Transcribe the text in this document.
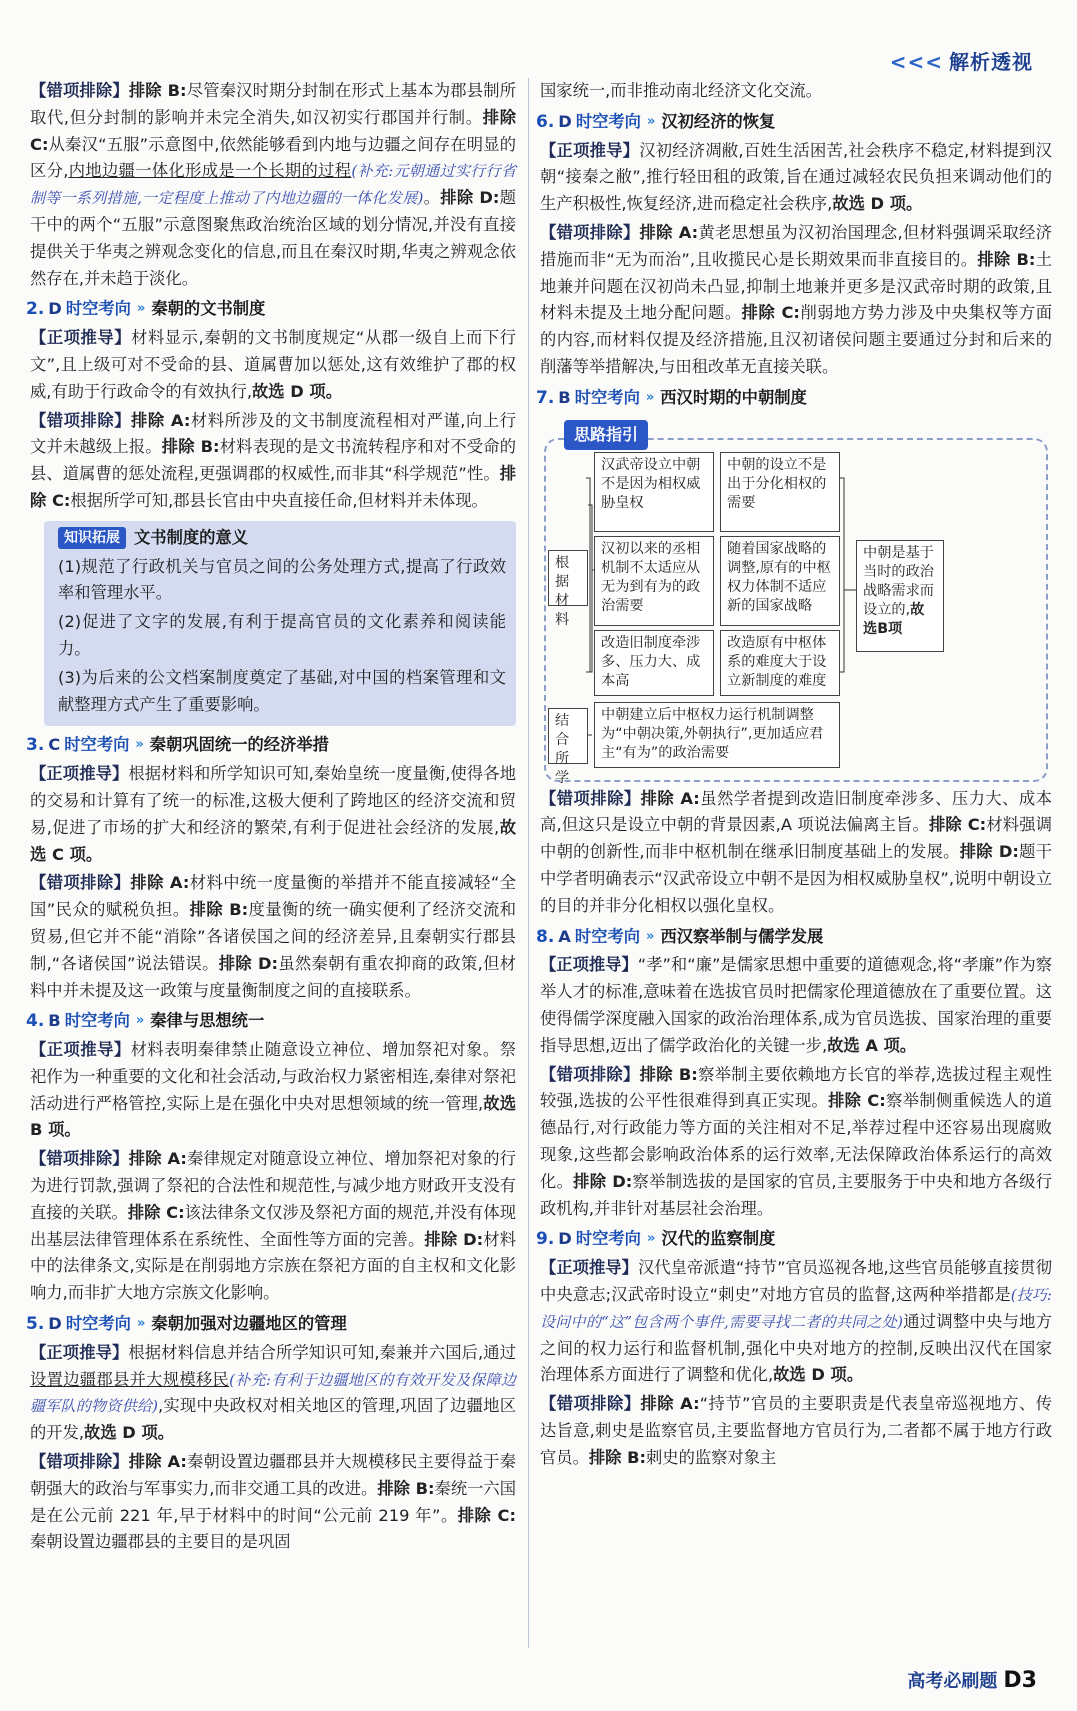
<<< 解析透视

【错项排除】排除 B:尽管秦汉时期分封制在形式上基本为郡县制所取代,但分封制的影响并未完全消失,如汉初实行郡国并行制。排除 C:从秦汉“五服”示意图中,依然能够看到内地与边疆之间存在明显的区分,内地边疆一体化形成是一个长期的过程(补充:元朝通过实行行省制等一系列措施,一定程度上推动了内地边疆的一体化发展)。排除 D:题干中的两个“五服”示意图聚焦政治统治区域的划分情况,并没有直接提供关于华夷之辨观念变化的信息,而且在秦汉时期,华夷之辨观念依然存在,并未趋于淡化。

2. D 时空考向 » 秦朝的文书制度

【正项推导】材料显示,秦朝的文书制度规定“从郡一级自上而下行文”,且上级可对不受命的县、道属曹加以惩处,这有效维护了郡的权威,有助于行政命令的有效执行,故选 D 项。

【错项排除】排除 A:材料所涉及的文书制度流程相对严谨,向上行文并未越级上报。排除 B:材料表现的是文书流转程序和对不受命的县、道属曹的惩处流程,更强调郡的权威性,而非其“科学规范”性。排除 C:根据所学可知,郡县长官由中央直接任命,但材料并未体现。

知识拓展 文书制度的意义

(1)规范了行政机关与官员之间的公务处理方式,提高了行政效率和管理水平。

(2)促进了文字的发展,有利于提高官员的文化素养和阅读能力。

(3)为后来的公文档案制度奠定了基础,对中国的档案管理和文献整理方式产生了重要影响。

3. C 时空考向 » 秦朝巩固统一的经济举措

【正项推导】根据材料和所学知识可知,秦始皇统一度量衡,使得各地的交易和计算有了统一的标准,这极大便利了跨地区的经济交流和贸易,促进了市场的扩大和经济的繁荣,有利于促进社会经济的发展,故选 C 项。

【错项排除】排除 A:材料中统一度量衡的举措并不能直接减轻“全国”民众的赋税负担。排除 B:度量衡的统一确实便利了经济交流和贸易,但它并不能“消除”各诸侯国之间的经济差异,且秦朝实行郡县制,“各诸侯国”说法错误。排除 D:虽然秦朝有重农抑商的政策,但材料中并未提及这一政策与度量衡制度之间的直接联系。

4. B 时空考向 » 秦律与思想统一

【正项推导】材料表明秦律禁止随意设立神位、增加祭祀对象。祭祀作为一种重要的文化和社会活动,与政治权力紧密相连,秦律对祭祀活动进行严格管控,实际上是在强化中央对思想领域的统一管理,故选 B 项。

【错项排除】排除 A:秦律规定对随意设立神位、增加祭祀对象的行为进行罚款,强调了祭祀的合法性和规范性,与减少地方财政开支没有直接的关联。排除 C:该法律条文仅涉及祭祀方面的规范,并没有体现出基层法律管理体系在系统性、全面性等方面的完善。排除 D:材料中的法律条文,实际是在削弱地方宗族在祭祀方面的自主权和文化影响力,而非扩大地方宗族文化影响。

5. D 时空考向 » 秦朝加强对边疆地区的管理

【正项推导】根据材料信息并结合所学知识可知,秦兼并六国后,通过设置边疆郡县并大规模移民(补充:有利于边疆地区的有效开发及保障边疆军队的物资供给),实现中央政权对相关地区的管理,巩固了边疆地区的开发,故选 D 项。

【错项排除】排除 A:秦朝设置边疆郡县并大规模移民主要得益于秦朝强大的政治与军事实力,而非交通工具的改进。排除 B:秦统一六国是在公元前 221 年,早于材料中的时间“公元前 219 年”。排除 C:秦朝设置边疆郡县的主要目的是巩固

国家统一,而非推动南北经济文化交流。

6. D 时空考向 » 汉初经济的恢复

【正项推导】汉初经济凋敝,百姓生活困苦,社会秩序不稳定,材料提到汉朝“接秦之敝”,推行轻田租的政策,旨在通过减轻农民负担来调动他们的生产积极性,恢复经济,进而稳定社会秩序,故选 D 项。

【错项排除】排除 A:黄老思想虽为汉初治国理念,但材料强调采取经济措施而非“无为而治”,且收揽民心是长期效果而非直接目的。排除 B:土地兼并问题在汉初尚未凸显,抑制土地兼并更多是汉武帝时期的政策,且材料未提及土地分配问题。排除 C:削弱地方势力涉及中央集权等方面的内容,而材料仅提及经济措施,且汉初诸侯问题主要通过分封和后来的削藩等举措解决,与田租改革无直接关联。

7. B 时空考向 » 西汉时期的中朝制度
思路指引
根据材料
结合所学
汉武帝设立中朝不是因为相权威胁皇权
中朝的设立不是出于分化相权的需要
汉初以来的丞相机制不太适应从无为到有为的政治需要
随着国家战略的调整,原有的中枢权力体制不适应新的国家战略
改造旧制度牵涉多、压力大、成本高
改造原有中枢体系的难度大于设立新制度的难度
中朝建立后中枢权力运行机制调整为“中朝决策,外朝执行”,更加适应君主“有为”的政治需要
中朝是基于当时的政治战略需求而设立的,故选B项

【错项排除】排除 A:虽然学者提到改造旧制度牵涉多、压力大、成本高,但这只是设立中朝的背景因素,A 项说法偏离主旨。排除 C:材料强调中朝的创新性,而非中枢机制在继承旧制度基础上的发展。排除 D:题干中学者明确表示“汉武帝设立中朝不是因为相权威胁皇权”,说明中朝设立的目的并非分化相权以强化皇权。

8. A 时空考向 » 西汉察举制与儒学发展

【正项推导】“孝”和“廉”是儒家思想中重要的道德观念,将“孝廉”作为察举人才的标准,意味着在选拔官员时把儒家伦理道德放在了重要位置。这使得儒学深度融入国家的政治治理体系,成为官员选拔、国家治理的重要指导思想,迈出了儒学政治化的关键一步,故选 A 项。

【错项排除】排除 B:察举制主要依赖地方长官的举荐,选拔过程主观性较强,选拔的公平性很难得到真正实现。排除 C:察举制侧重候选人的道德品行,对行政能力等方面的关注相对不足,举荐过程中还容易出现腐败现象,这些都会影响政治体系的运行效率,无法保障政治体系运行的高效化。排除 D:察举制选拔的是国家的官员,主要服务于中央和地方各级行政机构,并非针对基层社会治理。

9. D 时空考向 » 汉代的监察制度

【正项推导】汉代皇帝派遣“持节”官员巡视各地,这些官员能够直接贯彻中央意志;汉武帝时设立“刺史”对地方官员的监督,这两种举措都是(技巧:设问中的“这”包含两个事件,需要寻找二者的共同之处)通过调整中央与地方之间的权力运行和监督机制,强化中央对地方的控制,反映出汉代在国家治理体系方面进行了调整和优化,故选 D 项。

【错项排除】排除 A:“持节”官员的主要职责是代表皇帝巡视地方、传达旨意,刺史是监察官员,主要监督地方官员行为,二者都不属于地方行政官员。排除 B:刺史的监察对象主

高考必刷题 D3
